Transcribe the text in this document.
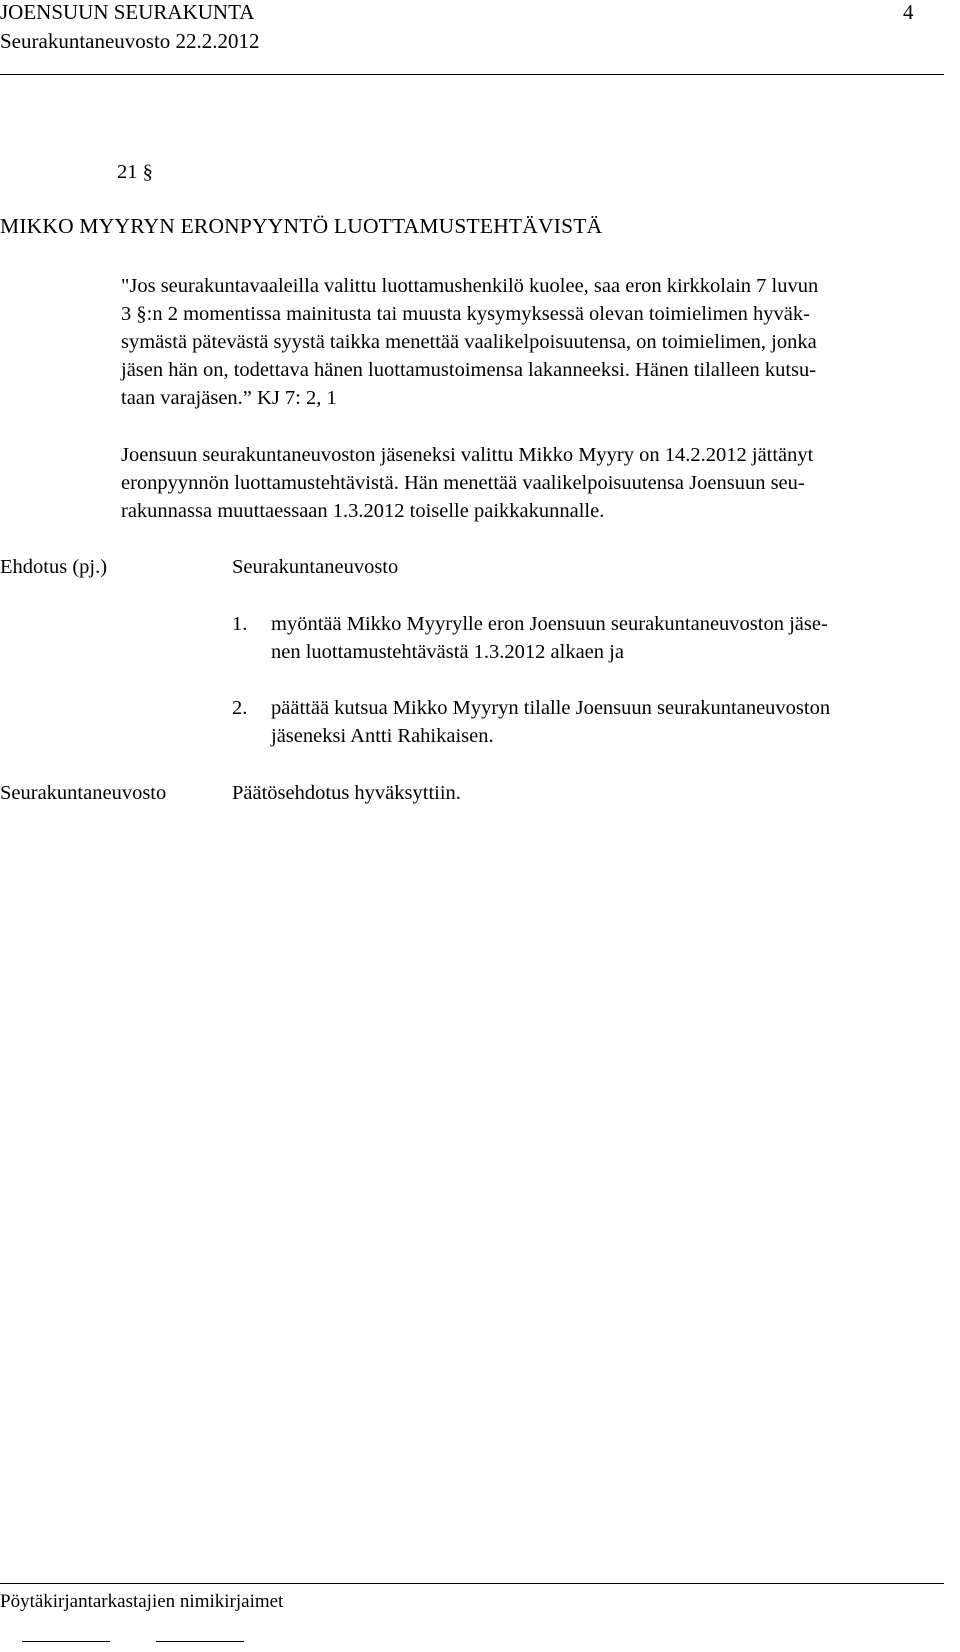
JOENSUUN SEURAKUNTA	4
Seurakuntaneuvosto 22.2.2012
21 §
MIKKO MYYRYN ERONPYYNTÖ LUOTTAMUSTEHTÄVISTÄ
"Jos seurakuntavaaleilla valittu luottamushenkilö kuolee, saa eron kirkkolain 7 luvun
3 §:n 2 momentissa mainitusta tai muusta kysymyksessä olevan toimielimen hyväk-
symästä pätevästä syystä taikka menettää vaalikelpoisuutensa, on toimielimen, jonka
jäsen hän on, todettava hänen luottamustoimensa lakanneeksi. Hänen tilalleen kutsu-
taan varajäsen.” KJ 7: 2, 1
Joensuun seurakuntaneuvoston jäseneksi valittu Mikko Myyry on 14.2.2012 jättänyt
eronpyynnön luottamustehtävistä. Hän menettää vaalikelpoisuutensa Joensuun seu-
rakunnassa muuttaessaan 1.3.2012 toiselle paikkakunnalle.
Ehdotus (pj.)	Seurakuntaneuvosto
1. myöntää Mikko Myyrylle eron Joensuun seurakuntaneuvoston jäse-
nen luottamustehtävästä 1.3.2012 alkaen ja
2. päättää kutsua Mikko Myyryn tilalle Joensuun seurakuntaneuvoston
jäseneksi Antti Rahikaisen.
Seurakuntaneuvosto	Päätösehdotus hyväksyttiin.
Pöytäkirjantarkastajien nimikirjaimet
